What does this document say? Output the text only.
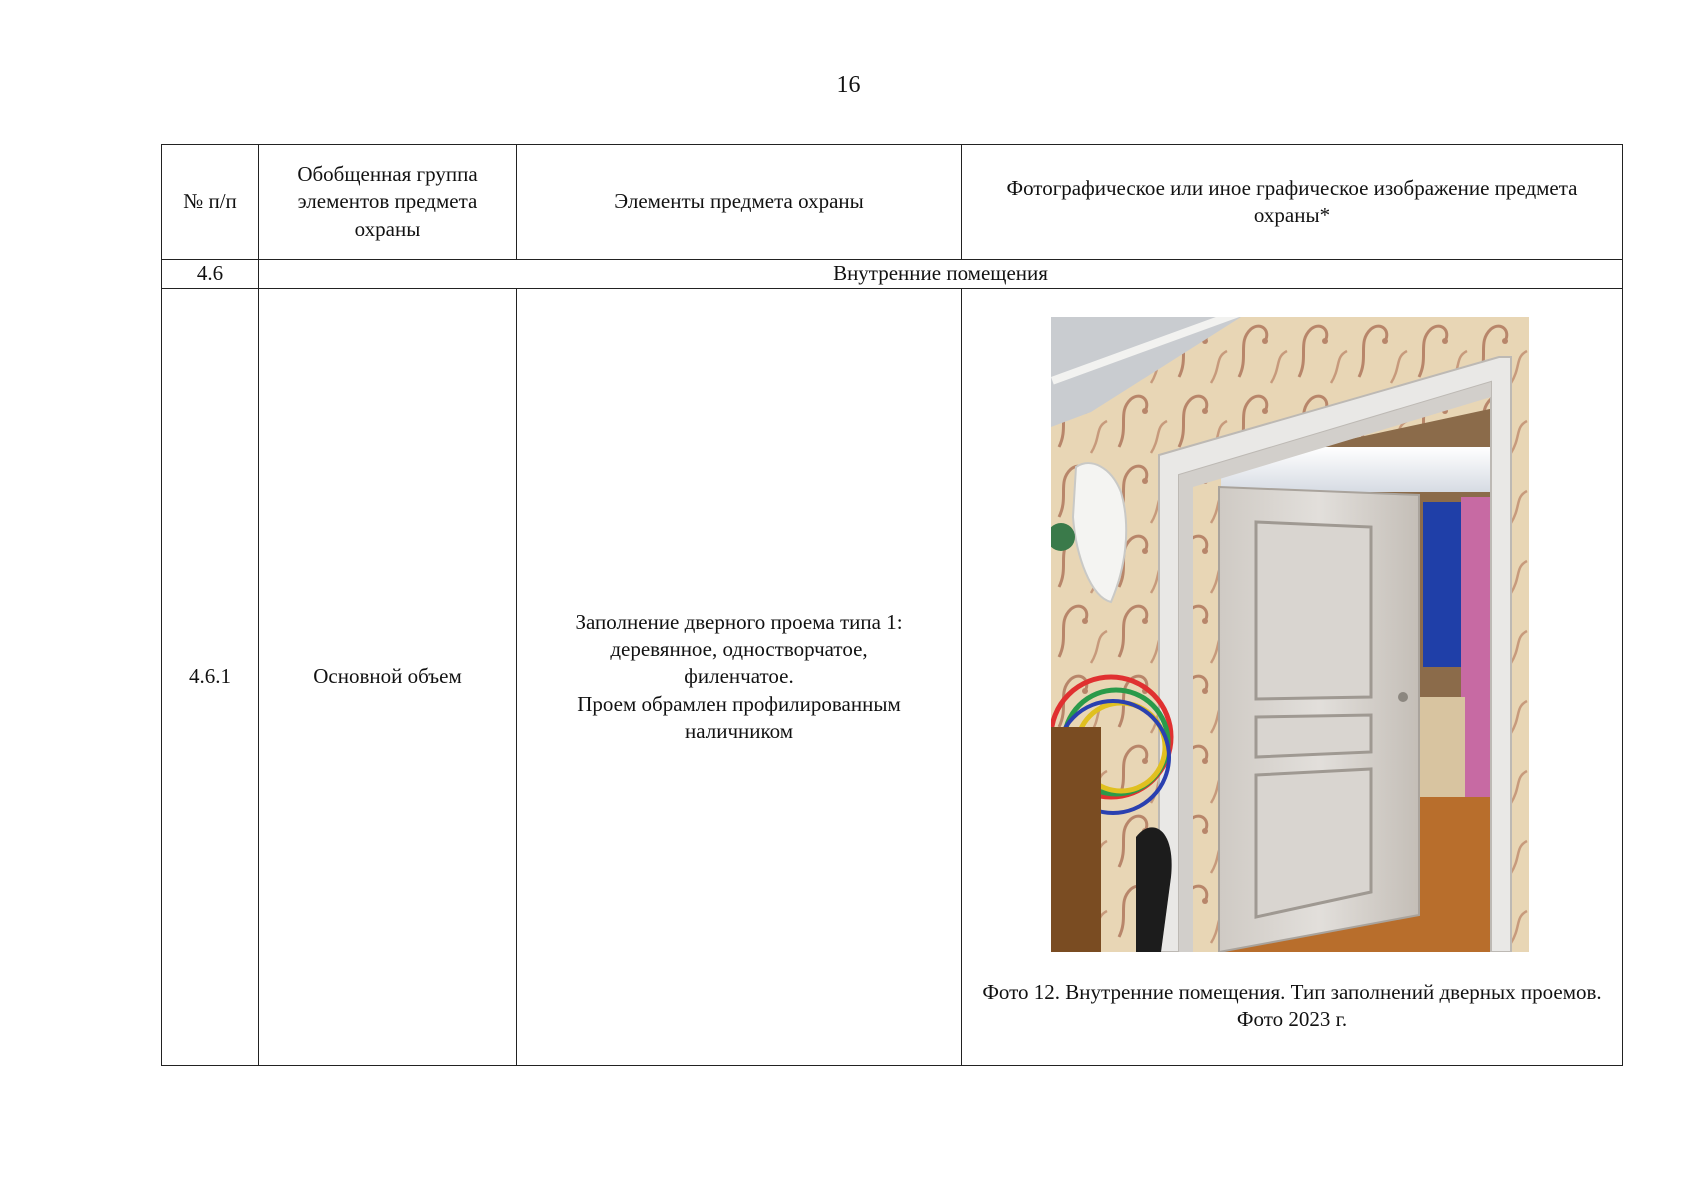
16
№ п/п	Обобщенная группа элементов предмета охраны	Элементы предмета охраны	Фотографическое или иное графическое изображение предмета охраны*
4.6	Внутренние помещения		
4.6.1	Основной объем	Заполнение дверного проема типа 1:
деревянное, одностворчатое,
филенчатое.
Проем обрамлен профилированным наличником	Фото 12. Внутренние помещения. Тип заполнений дверных проемов. Фото 2023 г.
